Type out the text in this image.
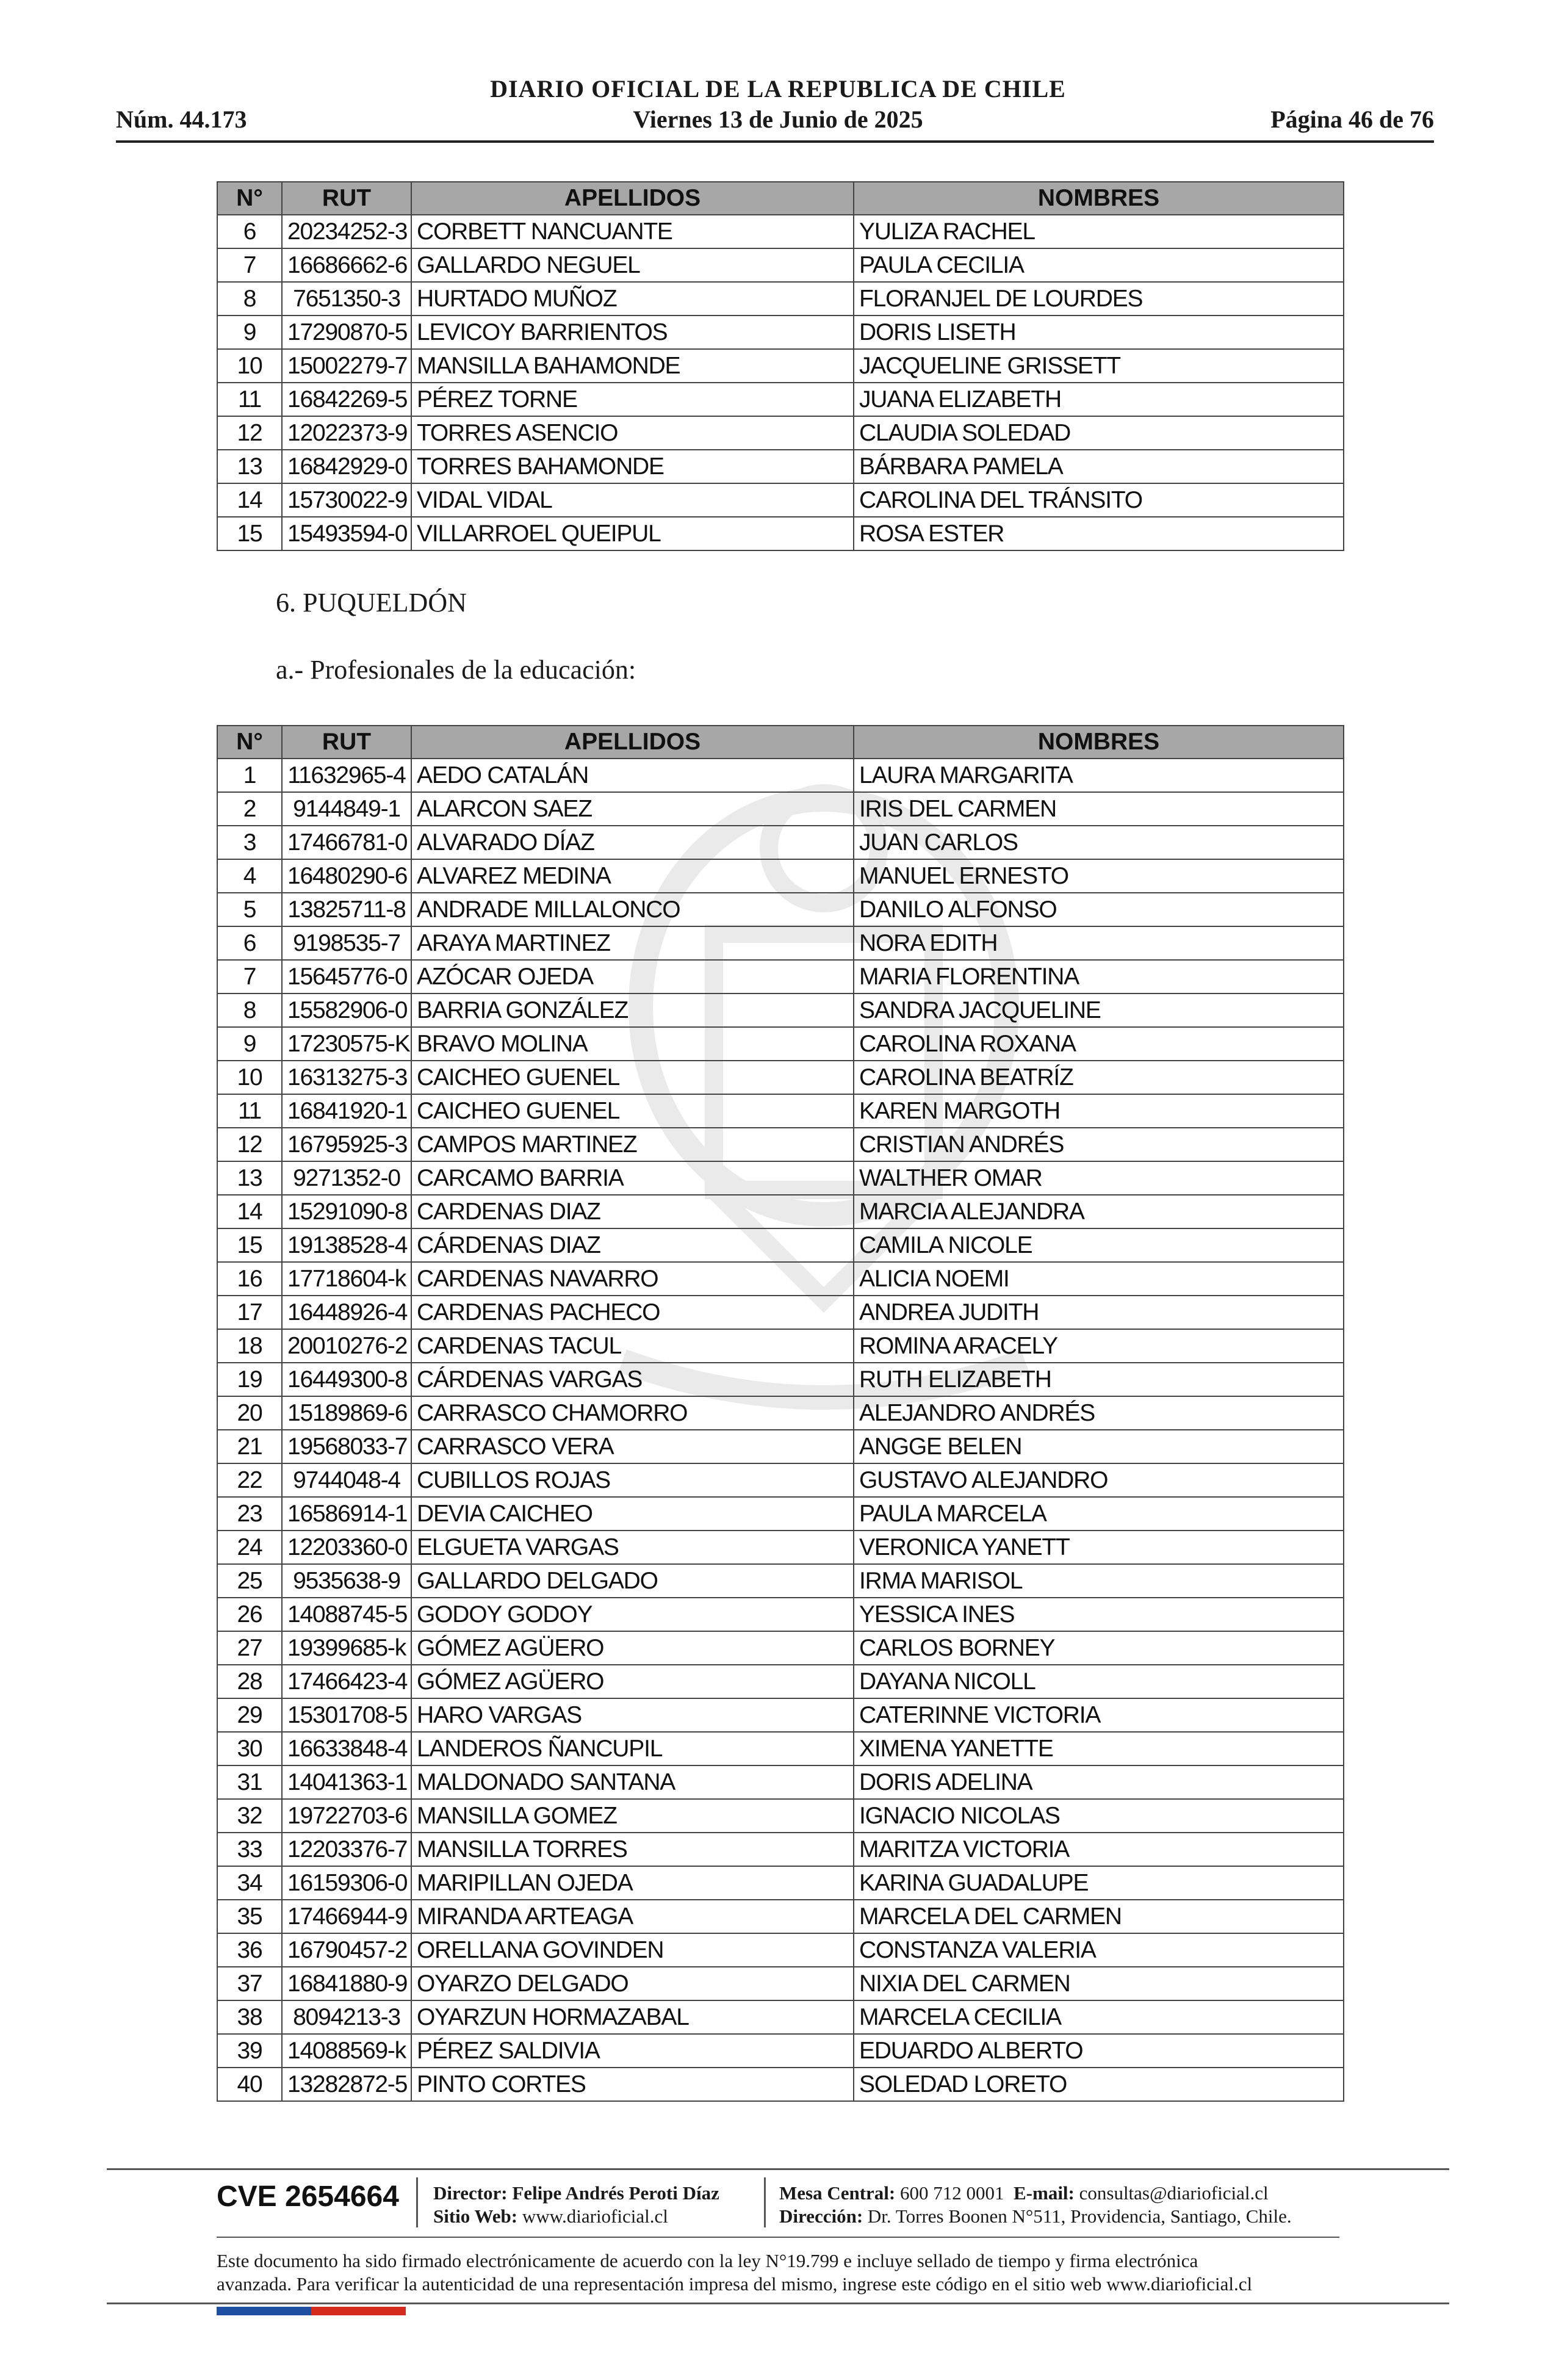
DIARIO OFICIAL DE LA REPUBLICA DE CHILE
Núm. 44.173	Viernes 13 de Junio de 2025	Página 46 de 76
N°	RUT	APELLIDOS	NOMBRES
6	20234252-3	CORBETT NANCUANTE	YULIZA RACHEL
7	16686662-6	GALLARDO NEGUEL	PAULA CECILIA
8	7651350-3	HURTADO MUÑOZ	FLORANJEL DE LOURDES
9	17290870-5	LEVICOY BARRIENTOS	DORIS LISETH
10	15002279-7	MANSILLA BAHAMONDE	JACQUELINE GRISSETT
11	16842269-5	PÉREZ TORNE	JUANA ELIZABETH
12	12022373-9	TORRES ASENCIO	CLAUDIA SOLEDAD
13	16842929-0	TORRES BAHAMONDE	BÁRBARA PAMELA
14	15730022-9	VIDAL VIDAL	CAROLINA DEL TRÁNSITO
15	15493594-0	VILLARROEL QUEIPUL	ROSA ESTER
6. PUQUELDÓN
a.- Profesionales de la educación:
N°	RUT	APELLIDOS	NOMBRES
1	11632965-4	AEDO CATALÁN	LAURA MARGARITA
2	9144849-1	ALARCON SAEZ	IRIS DEL CARMEN
3	17466781-0	ALVARADO DÍAZ	JUAN CARLOS
4	16480290-6	ALVAREZ MEDINA	MANUEL ERNESTO
5	13825711-8	ANDRADE MILLALONCO	DANILO ALFONSO
6	9198535-7	ARAYA MARTINEZ	NORA EDITH
7	15645776-0	AZÓCAR OJEDA	MARIA FLORENTINA
8	15582906-0	BARRIA GONZÁLEZ	SANDRA JACQUELINE
9	17230575-K	BRAVO MOLINA	CAROLINA ROXANA
10	16313275-3	CAICHEO GUENEL	CAROLINA BEATRÍZ
11	16841920-1	CAICHEO GUENEL	KAREN MARGOTH
12	16795925-3	CAMPOS MARTINEZ	CRISTIAN ANDRÉS
13	9271352-0	CARCAMO BARRIA	WALTHER OMAR
14	15291090-8	CARDENAS DIAZ	MARCIA ALEJANDRA
15	19138528-4	CÁRDENAS DIAZ	CAMILA NICOLE
16	17718604-k	CARDENAS NAVARRO	ALICIA NOEMI
17	16448926-4	CARDENAS PACHECO	ANDREA JUDITH
18	20010276-2	CARDENAS TACUL	ROMINA ARACELY
19	16449300-8	CÁRDENAS VARGAS	RUTH ELIZABETH
20	15189869-6	CARRASCO CHAMORRO	ALEJANDRO ANDRÉS
21	19568033-7	CARRASCO VERA	ANGGE BELEN
22	9744048-4	CUBILLOS ROJAS	GUSTAVO ALEJANDRO
23	16586914-1	DEVIA CAICHEO	PAULA MARCELA
24	12203360-0	ELGUETA VARGAS	VERONICA YANETT
25	9535638-9	GALLARDO DELGADO	IRMA MARISOL
26	14088745-5	GODOY GODOY	YESSICA INES
27	19399685-k	GÓMEZ AGÜERO	CARLOS BORNEY
28	17466423-4	GÓMEZ AGÜERO	DAYANA NICOLL
29	15301708-5	HARO VARGAS	CATERINNE VICTORIA
30	16633848-4	LANDEROS ÑANCUPIL	XIMENA YANETTE
31	14041363-1	MALDONADO SANTANA	DORIS ADELINA
32	19722703-6	MANSILLA GOMEZ	IGNACIO NICOLAS
33	12203376-7	MANSILLA TORRES	MARITZA VICTORIA
34	16159306-0	MARIPILLAN OJEDA	KARINA GUADALUPE
35	17466944-9	MIRANDA ARTEAGA	MARCELA DEL CARMEN
36	16790457-2	ORELLANA GOVINDEN	CONSTANZA VALERIA
37	16841880-9	OYARZO DELGADO	NIXIA DEL CARMEN
38	8094213-3	OYARZUN HORMAZABAL	MARCELA CECILIA
39	14088569-k	PÉREZ SALDIVIA	EDUARDO ALBERTO
40	13282872-5	PINTO CORTES	SOLEDAD LORETO
CVE 2654664 Director: Felipe Andrés Peroti Díaz
Sitio Web: www.diarioficial.cl
Mesa Central: 600 712 0001 E-mail: consultas@diarioficial.cl
Dirección: Dr. Torres Boonen N°511, Providencia, Santiago, Chile.
Este documento ha sido firmado electrónicamente de acuerdo con la ley N°19.799 e incluye sellado de tiempo y firma electrónica
avanzada. Para verificar la autenticidad de una representación impresa del mismo, ingrese este código en el sitio web www.diarioficial.cl
